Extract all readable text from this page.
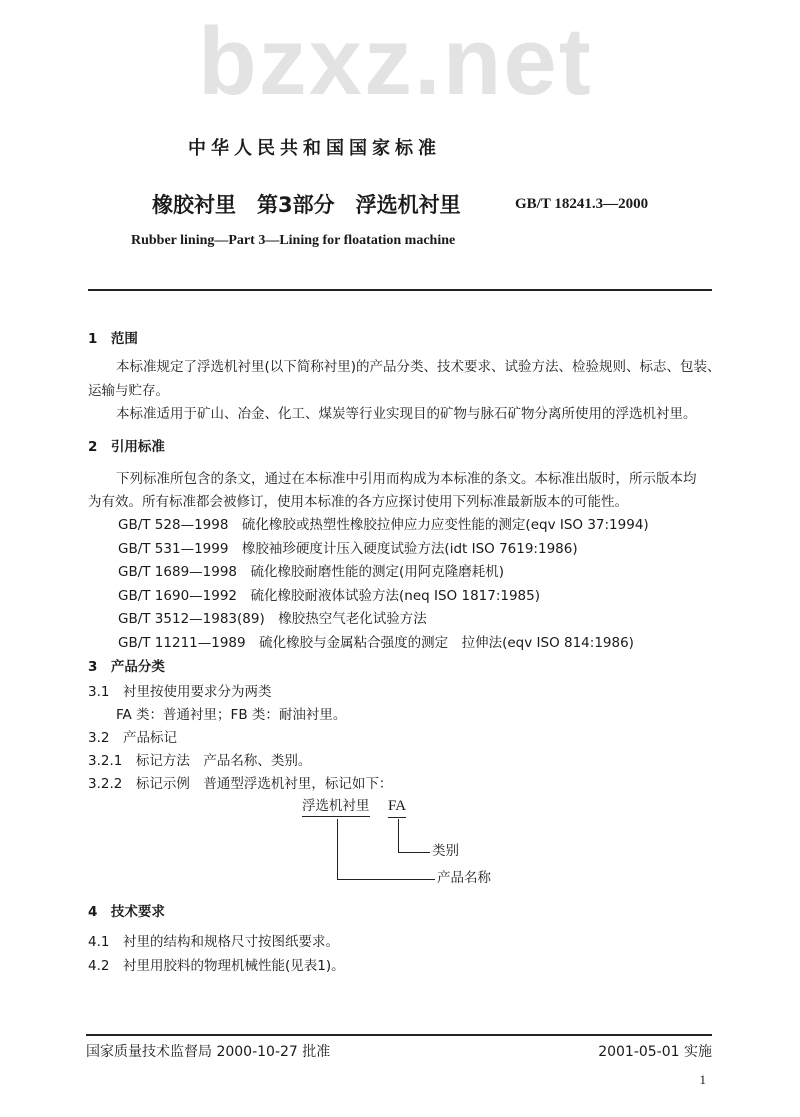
bzxz.net
中华人民共和国国家标准
橡胶衬里　第3部分　浮选机衬里	GB/T 18241.3—2000
Rubber lining—Part 3—Lining for floatation machine
1　范围
本标准规定了浮选机衬里(以下简称衬里)的产品分类、技术要求、试验方法、检验规则、标志、包装、
运输与贮存。
本标准适用于矿山、冶金、化工、煤炭等行业实现目的矿物与脉石矿物分离所使用的浮选机衬里。
2　引用标准
下列标准所包含的条文，通过在本标准中引用而构成为本标准的条文。本标准出版时，所示版本均
为有效。所有标准都会被修订，使用本标准的各方应探讨使用下列标准最新版本的可能性。
GB/T 528—1998　硫化橡胶或热塑性橡胶拉伸应力应变性能的测定(eqv ISO 37:1994)
GB/T 531—1999　橡胶袖珍硬度计压入硬度试验方法(idt ISO 7619:1986)
GB/T 1689—1998　硫化橡胶耐磨性能的测定(用阿克隆磨耗机)
GB/T 1690—1992　硫化橡胶耐液体试验方法(neq ISO 1817:1985)
GB/T 3512—1983(89)　橡胶热空气老化试验方法
GB/T 11211—1989　硫化橡胶与金属粘合强度的测定　拉伸法(eqv ISO 814:1986)
3　产品分类
3.1　衬里按使用要求分为两类
FA 类：普通衬里；FB 类：耐油衬里。
3.2　产品标记
3.2.1　标记方法　产品名称、类别。
3.2.2　标记示例　普通型浮选机衬里，标记如下：
浮选机衬里 FA
类别
产品名称
4　技术要求
4.1　衬里的结构和规格尺寸按图纸要求。
4.2　衬里用胶料的物理机械性能(见表1)。
国家质量技术监督局 2000-10-27 批准	2001-05-01 实施
1
